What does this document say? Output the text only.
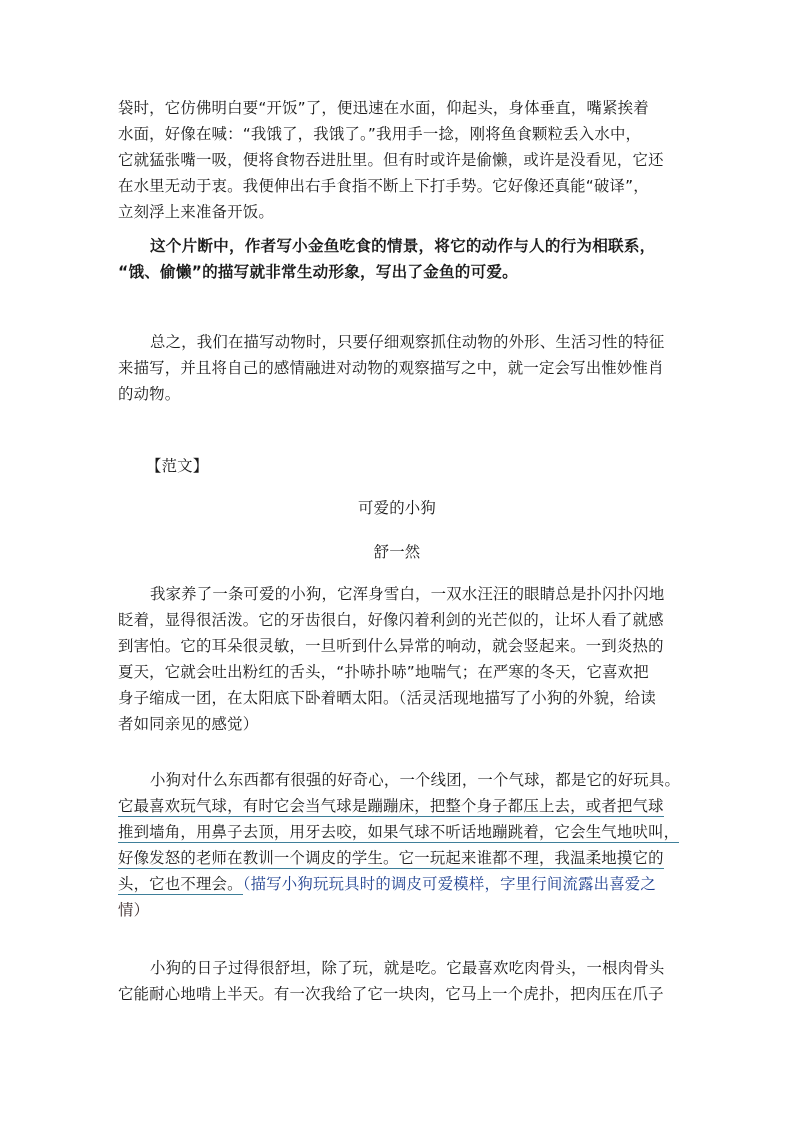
袋时，它仿佛明白要“开饭”了，便迅速在水面，仰起头，身体垂直，嘴紧挨着
水面，好像在喊：“我饿了，我饿了。”我用手一捻，刚将鱼食颗粒丢入水中，
它就猛张嘴一吸，便将食物吞进肚里。但有时或许是偷懒，或许是没看见，它还
在水里无动于衷。我便伸出右手食指不断上下打手势。它好像还真能“破译”，
立刻浮上来准备开饭。
这个片断中，作者写小金鱼吃食的情景，将它的动作与人的行为相联系，
“饿、偷懒”的描写就非常生动形象，写出了金鱼的可爱。
总之，我们在描写动物时，只要仔细观察抓住动物的外形、生活习性的特征
来描写，并且将自己的感情融进对动物的观察描写之中，就一定会写出惟妙惟肖
的动物。
【范文】
可爱的小狗
舒一然
我家养了一条可爱的小狗，它浑身雪白，一双水汪汪的眼睛总是扑闪扑闪地
眨着，显得很活泼。它的牙齿很白，好像闪着利剑的光芒似的，让坏人看了就感
到害怕。它的耳朵很灵敏，一旦听到什么异常的响动，就会竖起来。一到炎热的
夏天，它就会吐出粉红的舌头，“扑哧扑哧”地喘气；在严寒的冬天，它喜欢把
身子缩成一团，在太阳底下卧着晒太阳。（活灵活现地描写了小狗的外貌，给读
者如同亲见的感觉）
小狗对什么东西都有很强的好奇心，一个线团，一个气球，都是它的好玩具。
它最喜欢玩气球，有时它会当气球是蹦蹦床，把整个身子都压上去，或者把气球
推到墙角，用鼻子去顶，用牙去咬，如果气球不听话地蹦跳着，它会生气地吠叫，
好像发怒的老师在教训一个调皮的学生。它一玩起来谁都不理，我温柔地摸它的
头，它也不理会。（描写小狗玩玩具时的调皮可爱模样，字里行间流露出喜爱之
情）
小狗的日子过得很舒坦，除了玩，就是吃。它最喜欢吃肉骨头，一根肉骨头
它能耐心地啃上半天。有一次我给了它一块肉，它马上一个虎扑，把肉压在爪子
